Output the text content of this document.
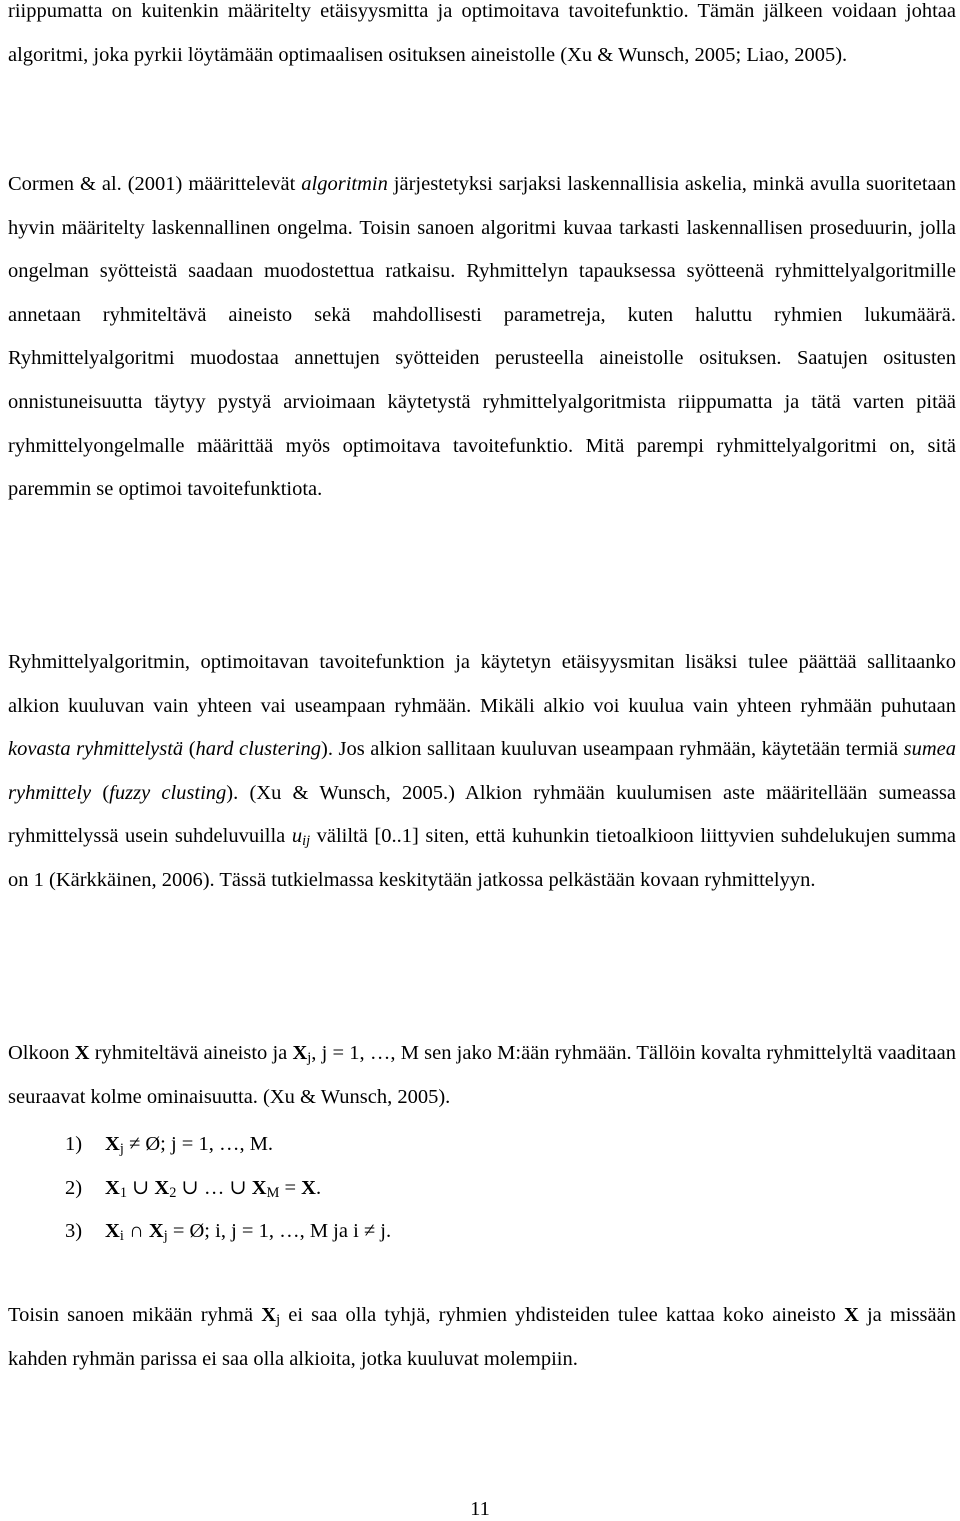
riippumatta on kuitenkin määritelty etäisyysmitta ja optimoitava tavoitefunktio. Tämän jälkeen voidaan johtaa algoritmi, joka pyrkii löytämään optimaalisen osituksen aineistolle (Xu & Wunsch, 2005; Liao, 2005).

Cormen & al. (2001) määrittelevät algoritmin järjestetyksi sarjaksi laskennallisia askelia, minkä avulla suoritetaan hyvin määritelty laskennallinen ongelma. Toisin sanoen algoritmi kuvaa tarkasti laskennallisen proseduurin, jolla ongelman syötteistä saadaan muodostettua ratkaisu. Ryhmittelyn tapauksessa syötteenä ryhmittelyalgoritmille annetaan ryhmiteltävä aineisto sekä mahdollisesti parametreja, kuten haluttu ryhmien lukumäärä. Ryhmittelyalgoritmi muodostaa annettujen syötteiden perusteella aineistolle osituksen. Saatujen ositusten onnistuneisuutta täytyy pystyä arvioimaan käytetystä ryhmittelyalgoritmista riippumatta ja tätä varten pitää ryhmittelyongelmalle määrittää myös optimoitava tavoitefunktio. Mitä parempi ryhmittelyalgoritmi on, sitä paremmin se optimoi tavoitefunktiota.

Ryhmittelyalgoritmin, optimoitavan tavoitefunktion ja käytetyn etäisyysmitan lisäksi tulee päättää sallitaanko alkion kuuluvan vain yhteen vai useampaan ryhmään. Mikäli alkio voi kuulua vain yhteen ryhmään puhutaan kovasta ryhmittelystä (hard clustering). Jos alkion sallitaan kuuluvan useampaan ryhmään, käytetään termiä sumea ryhmittely (fuzzy clusting). (Xu & Wunsch, 2005.) Alkion ryhmään kuulumisen aste määritellään sumeassa ryhmittelyssä usein suhdeluvuilla $u_{ij}$ väliltä [0..1] siten, että kuhunkin tietoalkioon liittyvien suhdelukujen summa on 1 (Kärkkäinen, 2006). Tässä tutkielmassa keskitytään jatkossa pelkästään kovaan ryhmittelyyn.

Olkoon X ryhmiteltävä aineisto ja $X_j$, j = 1, …, M sen jako M:ään ryhmään. Tällöin kovalta ryhmittelyltä vaaditaan seuraavat kolme ominaisuutta. (Xu & Wunsch, 2005).

1) $X_j$ ≠ Ø; j = 1, …, M.
2) $X_1$ ∪ $X_2$ ∪ … ∪ $X_M = X$.
3) $X_i$ ∩ $X_j$ = Ø; i, j = 1, …, M ja i ≠ j.

Toisin sanoen mikään ryhmä $X_j$ ei saa olla tyhjä, ryhmien yhdisteiden tulee kattaa koko aineisto X ja missään kahden ryhmän parissa ei saa olla alkioita, jotka kuuluvat molempiin.

11
